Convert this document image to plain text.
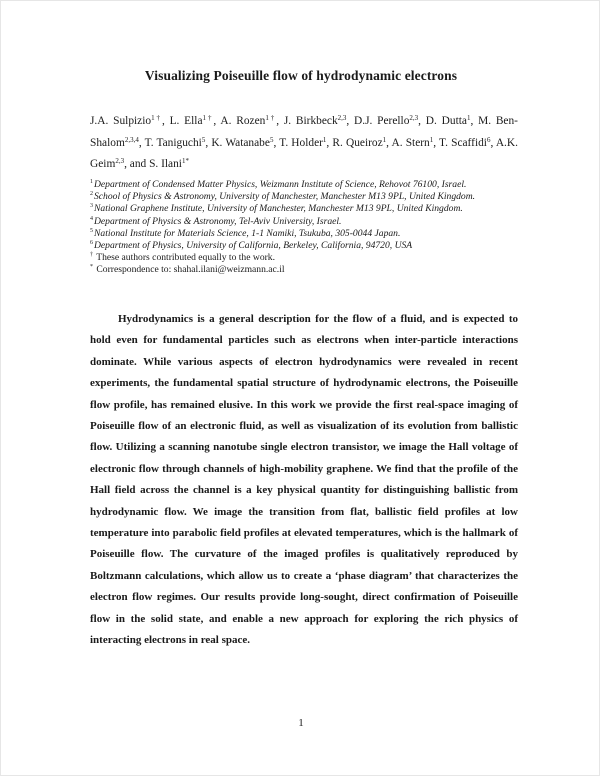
Visualizing Poiseuille flow of hydrodynamic electrons
J.A. Sulpizio$^{1\dagger}$, L. Ella$^{1\dagger}$, A. Rozen$^{1\dagger}$, J. Birkbeck$^{2,3}$, D.J. Perello$^{2,3}$, D. Dutta$^1$, M. Ben-Shalom$^{2,3,4}$, T. Taniguchi$^5$, K. Watanabe$^5$, T. Holder$^1$, R. Queiroz$^1$, A. Stern$^1$, T. Scaffidi$^6$, A.K. Geim$^{2,3}$, and S. Ilani$^{1*}$
$^1$Department of Condensed Matter Physics, Weizmann Institute of Science, Rehovot 76100, Israel.
$^2$School of Physics & Astronomy, University of Manchester, Manchester M13 9PL, United Kingdom.
$^3$National Graphene Institute, University of Manchester, Manchester M13 9PL, United Kingdom.
$^4$Department of Physics & Astronomy, Tel-Aviv University, Israel.
$^5$National Institute for Materials Science, 1-1 Namiki, Tsukuba, 305-0044 Japan.
$^6$Department of Physics, University of California, Berkeley, California, 94720, USA
† These authors contributed equally to the work.
* Correspondence to: shahal.ilani@weizmann.ac.il

Hydrodynamics is a general description for the flow of a fluid, and is expected to hold even for fundamental particles such as electrons when inter-particle interactions dominate. While various aspects of electron hydrodynamics were revealed in recent experiments, the fundamental spatial structure of hydrodynamic electrons, the Poiseuille flow profile, has remained elusive. In this work we provide the first real-space imaging of Poiseuille flow of an electronic fluid, as well as visualization of its evolution from ballistic flow. Utilizing a scanning nanotube single electron transistor, we image the Hall voltage of electronic flow through channels of high-mobility graphene. We find that the profile of the Hall field across the channel is a key physical quantity for distinguishing ballistic from hydrodynamic flow. We image the transition from flat, ballistic field profiles at low temperature into parabolic field profiles at elevated temperatures, which is the hallmark of Poiseuille flow. The curvature of the imaged profiles is qualitatively reproduced by Boltzmann calculations, which allow us to create a ‘phase diagram’ that characterizes the electron flow regimes. Our results provide long-sought, direct confirmation of Poiseuille flow in the solid state, and enable a new approach for exploring the rich physics of interacting electrons in real space.

1
